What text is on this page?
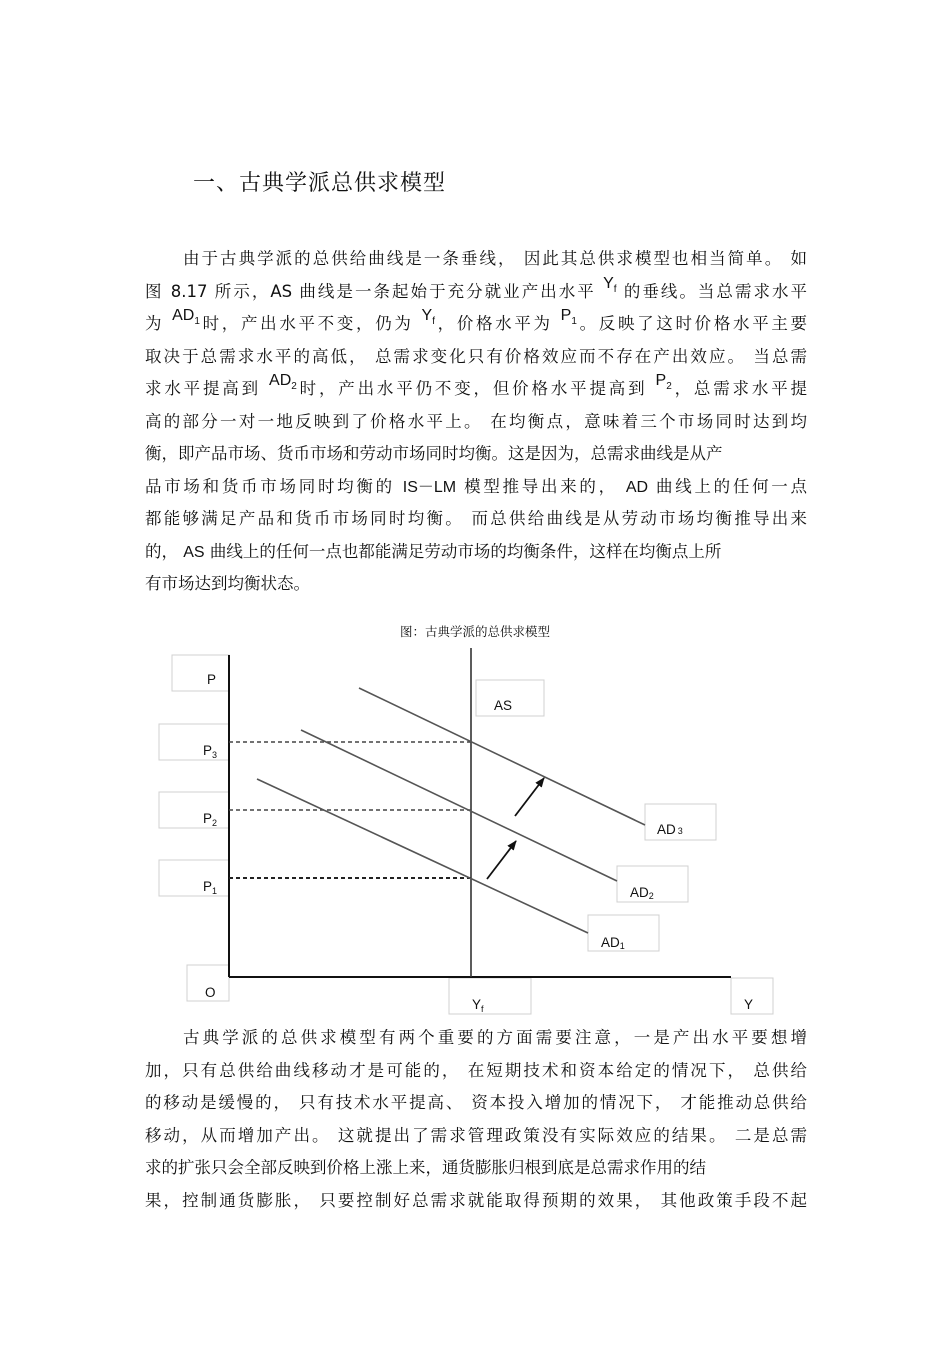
一、古典学派总供求模型
由于古典学派的总供给曲线是一条垂线， 因此其总供求模型也相当简单。 如
图 8.17 所示，AS 曲线是一条起始于充分就业产出水平 $Y_f$ 的垂线。当总需求水平
为 $AD_1$时，产出水平不变，仍为 $Y_f$，价格水平为 $P_1$。反映了这时价格水平主要
取决于总需求水平的高低， 总需求变化只有价格效应而不存在产出效应。 当总需
求水平提高到 $AD_2$时，产出水平仍不变，但价格水平提高到 $P_2$，总需求水平提
高的部分一对一地反映到了价格水平上。 在均衡点，意味着三个市场同时达到均
衡，即产品市场、货币市场和劳动市场同时均衡。这是因为，总需求曲线是从产
品市场和货币市场同时均衡的 IS－LM 模型推导出来的， AD 曲线上的任何一点
都能够满足产品和货币市场同时均衡。 而总供给曲线是从劳动市场均衡推导出来
的， AS 曲线上的任何一点也都能满足劳动市场的均衡条件，这样在均衡点上所
有市场达到均衡状态。
图：古典学派的总供求模型
P
AS
$P_3$
$P_2$
$P_1$
O
$Y_f$	Y
AD 3
AD2
AD1
古典学派的总供求模型有两个重要的方面需要注意，一是产出水平要想增
加，只有总供给曲线移动才是可能的， 在短期技术和资本给定的情况下， 总供给
的移动是缓慢的， 只有技术水平提高、 资本投入增加的情况下， 才能推动总供给
移动，从而增加产出。 这就提出了需求管理政策没有实际效应的结果。 二是总需
求的扩张只会全部反映到价格上涨上来，通货膨胀归根到底是总需求作用的结
果，控制通货膨胀， 只要控制好总需求就能取得预期的效果， 其他政策手段不起
